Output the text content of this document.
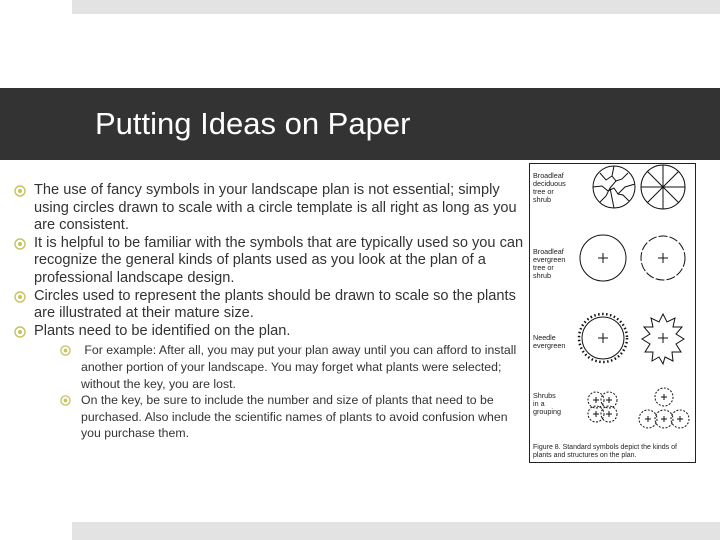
Putting Ideas on Paper
The use of fancy symbols in your landscape plan is not essential; simply using circles drawn to scale with a circle template is all right as long as you are consistent.
It is helpful to be familiar with the symbols that are typically used so you can recognize the general kinds of plants used as you look at the plan of a professional landscape design.
Circles used to represent the plants should be drawn to scale so the plants are illustrated at their mature size.
Plants need to be identified on the plan.
For example: After all, you may put your plan away until you can afford to install another portion of your landscape. You may forget what plants were selected; without the key, you are lost.
On the key, be sure to include the number and size of plants that need to be purchased. Also include the scientific names of plants to avoid confusion when you purchase them.
Broadleaf deciduous tree or shrub
Broadleaf evergreen tree or shrub
Needle evergreen
Shrubs in a grouping
Figure 8. Standard symbols depict the kinds of plants and structures on the plan.
